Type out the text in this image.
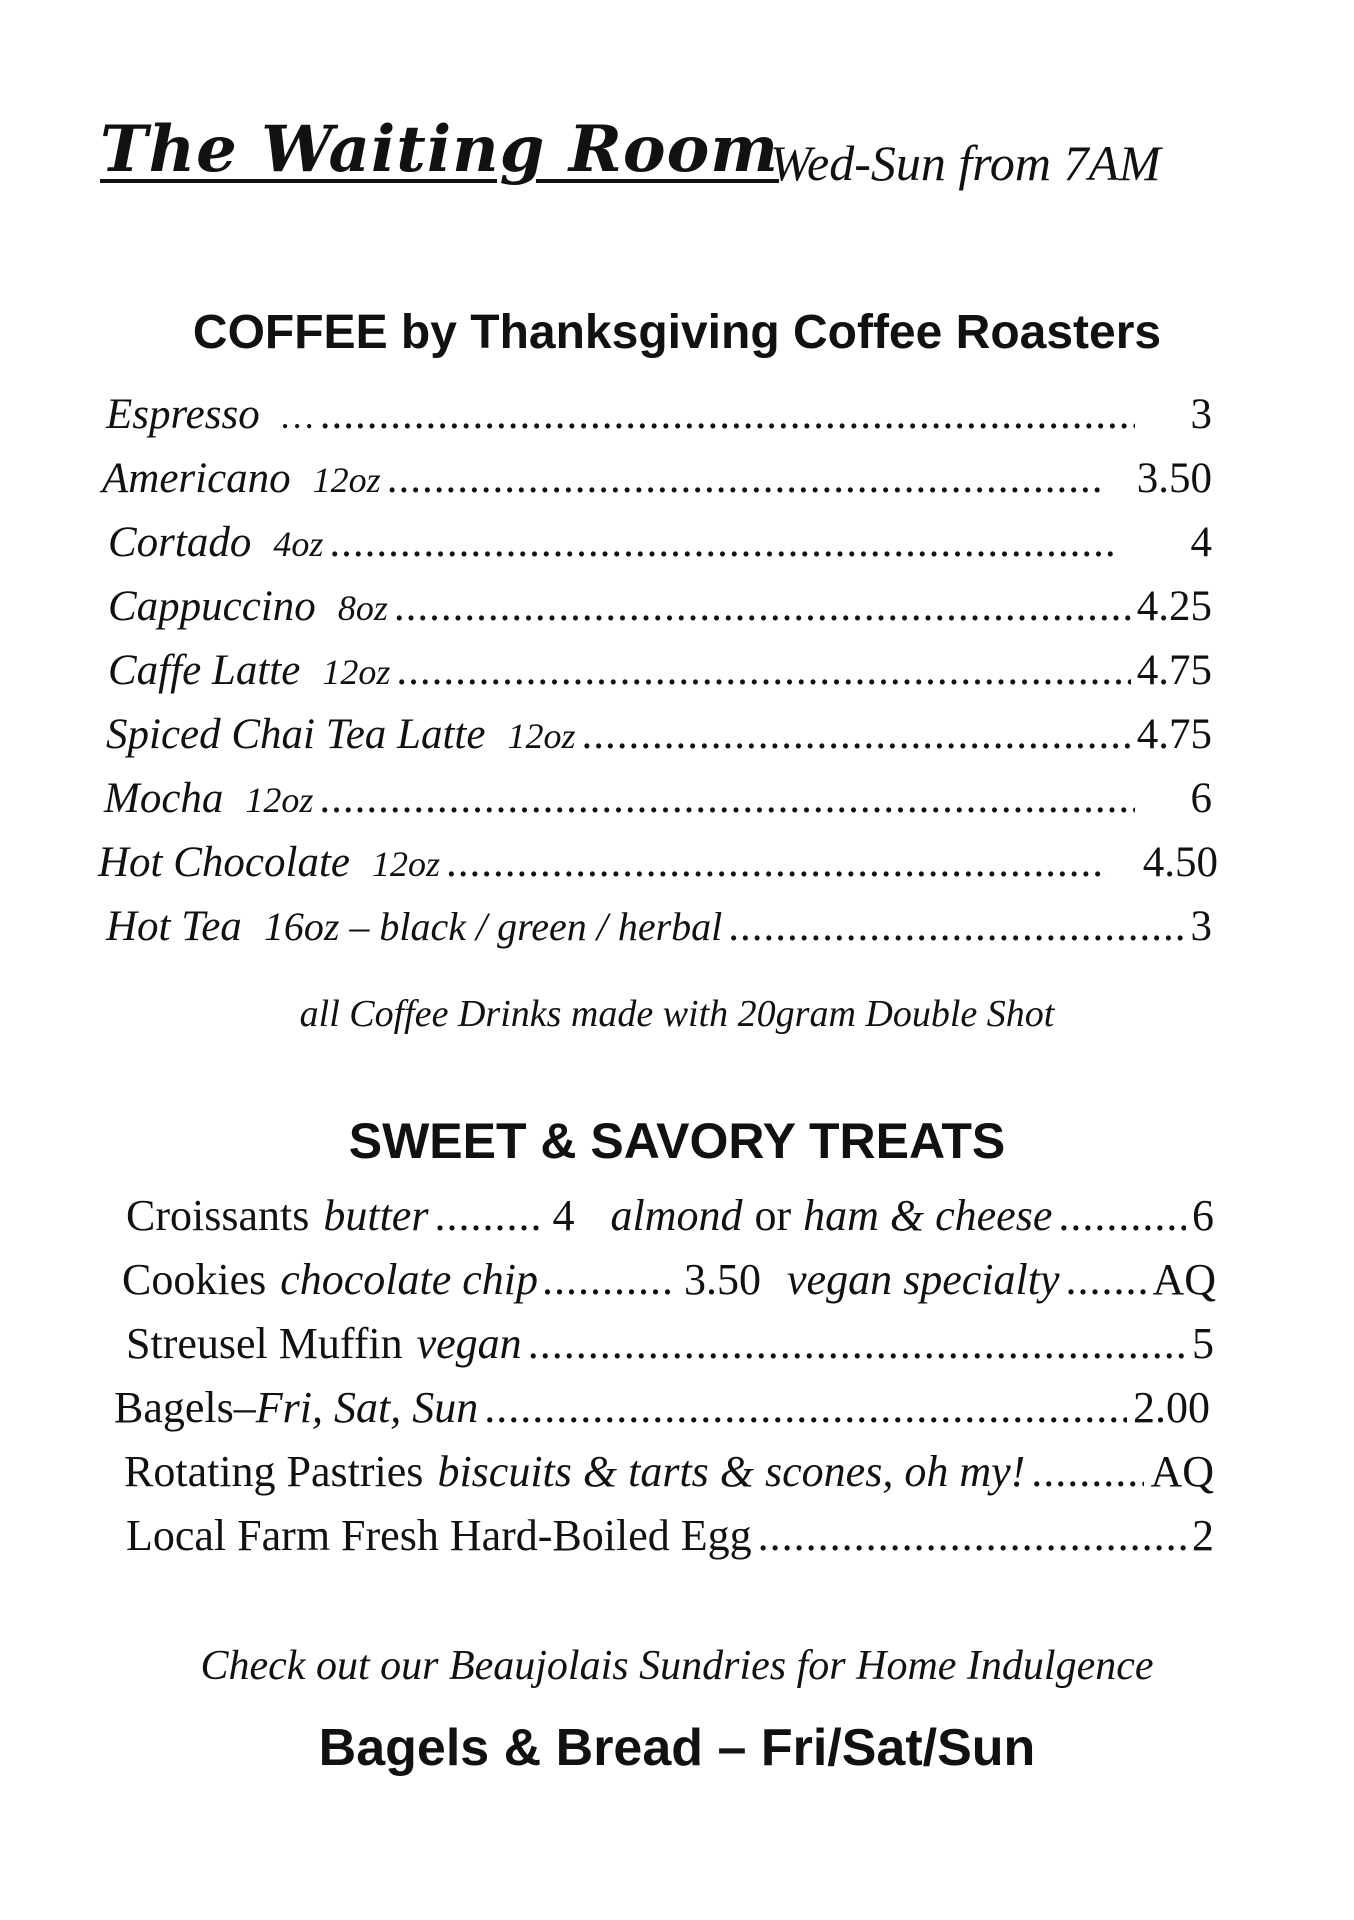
The Waiting Room
Wed-Sun from 7AM
COFFEE by Thanksgiving Coffee Roasters
Espresso … .....	3
Americano 12oz .....	3.50
Cortado 4oz .....	4
Cappuccino 8oz .....	4.25
Caffe Latte 12oz .....	4.75
Spiced Chai Tea Latte 12oz .....	4.75
Mocha 12oz .....	6
Hot Chocolate 12oz .....	4.50
Hot Tea 16oz – black / green / herbal .....	3
all Coffee Drinks made with 20gram Double Shot
SWEET & SAVORY TREATS
Croissants butter ......... 4 almond or ham & cheese .....	6
Cookies chocolate chip ........... 3.50 vegan specialty ..... AQ
Streusel Muffin vegan .....	5
Bagels– Fri, Sat, Sun .....	2.00
Rotating Pastries biscuits & tarts & scones, oh my! .....	AQ
Local Farm Fresh Hard-Boiled Egg .....	2
Check out our Beaujolais Sundries for Home Indulgence
Bagels & Bread – Fri/Sat/Sun
